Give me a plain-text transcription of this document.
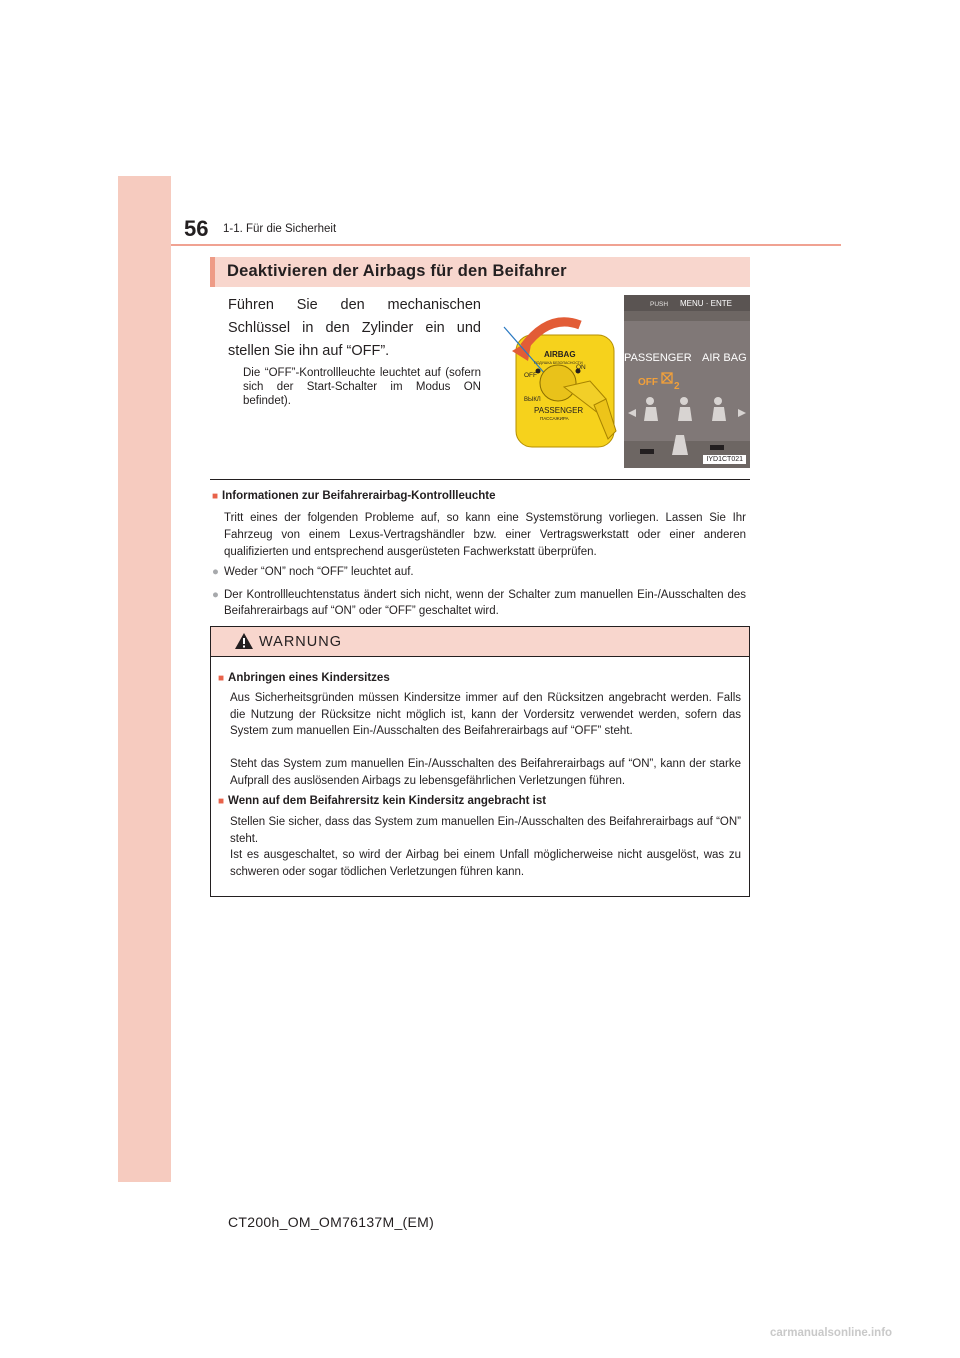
56 1-1. Für die Sicherheit
Deaktivieren der Airbags für den Beifahrer
Führen Sie den mechanischen Schlüssel in den Zylinder ein und stellen Sie ihn auf “OFF”.
Die “OFF”-Kontrollleuchte leuchtet auf (sofern sich der Start-Schalter im Modus ON befindet).
AIRBAG
ПОДУШКА БЕЗОПАСНОСТИ
OFF
ON
ВЫКЛ
PASSENGER
ПАССАЖИРА
PUSH MENU · ENTE
PASSENGER AIR BAG
OFF 2
IYD1CT021
■ Informationen zur Beifahrerairbag-Kontrollleuchte
Tritt eines der folgenden Probleme auf, so kann eine Systemstörung vorliegen. Lassen Sie Ihr Fahrzeug von einem Lexus-Vertragshändler bzw. einer Vertragswerkstatt oder einer anderen qualifizierten und entsprechend ausgerüsteten Fachwerkstatt überprüfen.
● Weder “ON” noch “OFF” leuchtet auf.
● Der Kontrollleuchtenstatus ändert sich nicht, wenn der Schalter zum manuellen Ein-/Ausschalten des Beifahrerairbags auf “ON” oder “OFF” geschaltet wird.
WARNUNG
■ Anbringen eines Kindersitzes
Aus Sicherheitsgründen müssen Kindersitze immer auf den Rücksitzen angebracht werden. Falls die Nutzung der Rücksitze nicht möglich ist, kann der Vordersitz verwendet werden, sofern das System zum manuellen Ein-/Ausschalten des Beifahrerairbags auf “OFF” steht.
Steht das System zum manuellen Ein-/Ausschalten des Beifahrerairbags auf “ON”, kann der starke Aufprall des auslösenden Airbags zu lebensgefährlichen Verletzungen führen.
■ Wenn auf dem Beifahrersitz kein Kindersitz angebracht ist
Stellen Sie sicher, dass das System zum manuellen Ein-/Ausschalten des Beifahrerairbags auf “ON” steht.
Ist es ausgeschaltet, so wird der Airbag bei einem Unfall möglicherweise nicht ausgelöst, was zu schweren oder sogar tödlichen Verletzungen führen kann.
CT200h_OM_OM76137M_(EM)
carmanualsonline.info
